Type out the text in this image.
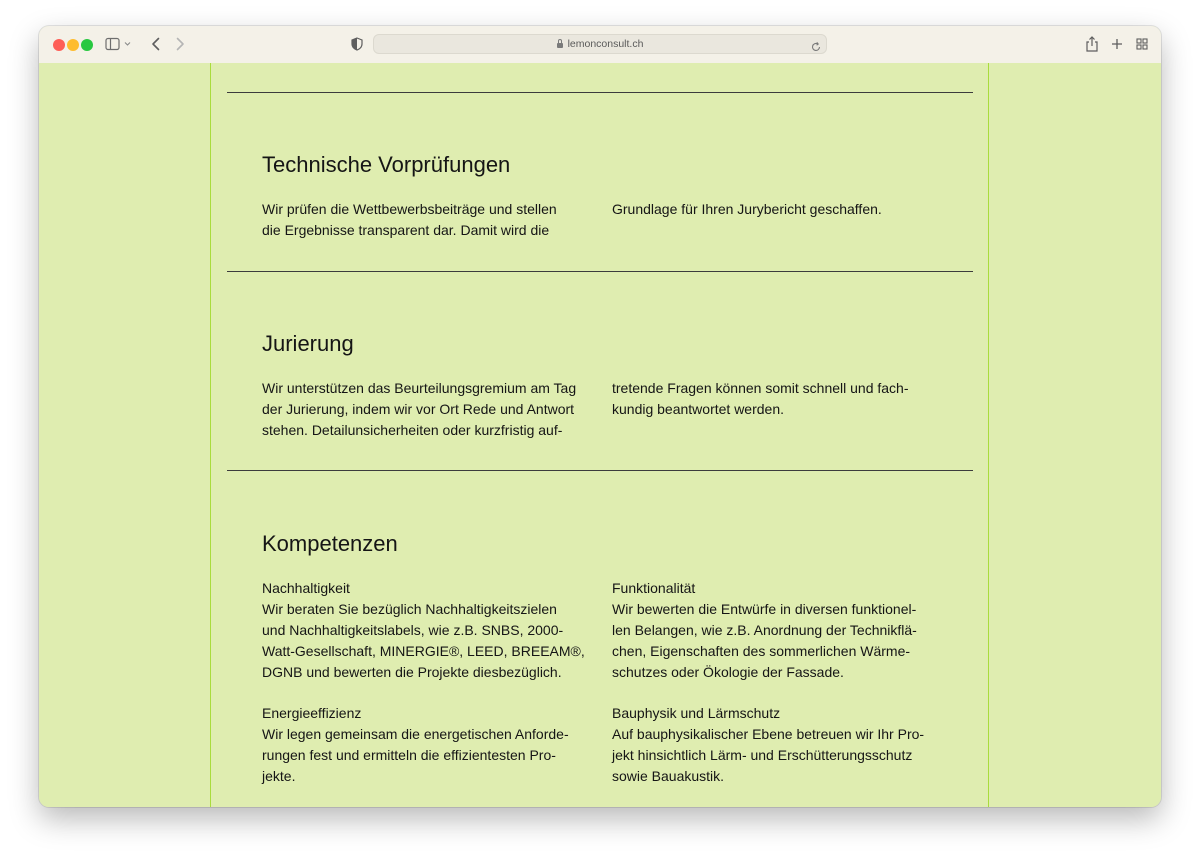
lemonconsult.ch
Technische Vorprüfungen

Wir prüfen die Wettbewerbsbeiträge und stellen
die Ergebnisse transparent dar. Damit wird die

Grundlage für Ihren Jurybericht geschaffen.

Jurierung

Wir unterstützen das Beurteilungsgremium am Tag
der Jurierung, indem wir vor Ort Rede und Antwort
stehen. Detailunsicherheiten oder kurzfristig auf-

tretende Fragen können somit schnell und fach-
kundig beantwortet werden.

Kompetenzen

Nachhaltigkeit
Wir beraten Sie bezüglich Nachhaltigkeitszielen
und Nachhaltigkeitslabels, wie z.B. SNBS, 2000-
Watt-Gesellschaft, MINERGIE®, LEED, BREEAM®,
DGNB und bewerten die Projekte diesbezüglich.

Funktionalität
Wir bewerten die Entwürfe in diversen funktionel-
len Belangen, wie z.B. Anordnung der Technikflä-
chen, Eigenschaften des sommerlichen Wärme-
schutzes oder Ökologie der Fassade.

Energieeffizienz
Wir legen gemeinsam die energetischen Anforde-
rungen fest und ermitteln die effizientesten Pro-
jekte.

Bauphysik und Lärmschutz
Auf bauphysikalischer Ebene betreuen wir Ihr Pro-
jekt hinsichtlich Lärm- und Erschütterungsschutz
sowie Bauakustik.
